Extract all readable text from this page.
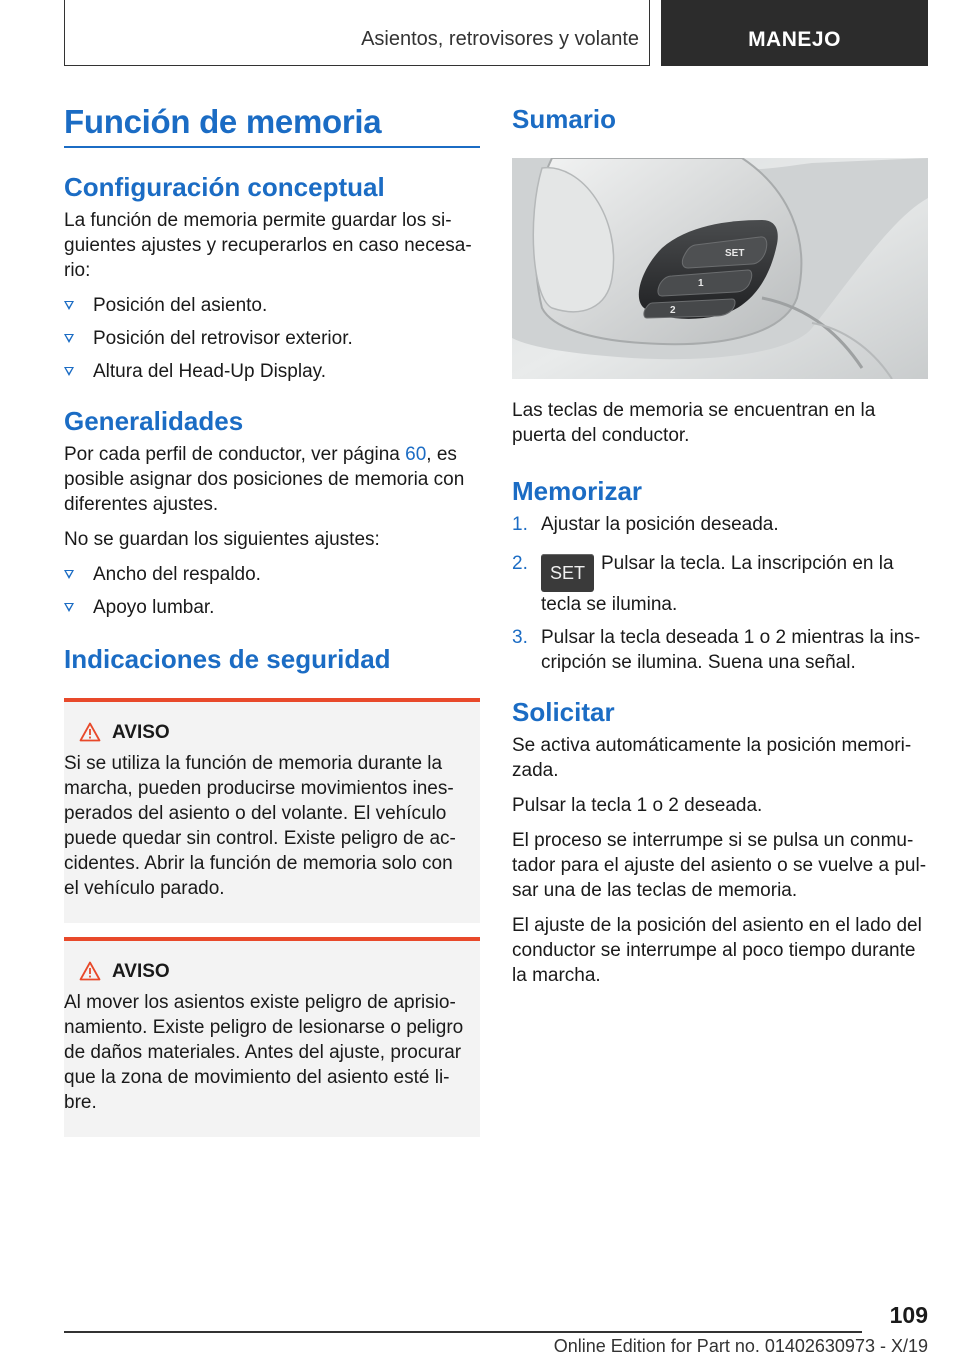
Asientos, retrovisores y volante	MANEJO
Función de memoria
Configuración conceptual

La función de memoria permite guardar los si-guientes ajustes y recuperarlos en caso necesa-rio:

Posición del asiento.
Posición del retrovisor exterior.
Altura del Head-Up Display.
Generalidades

Por cada perfil de conductor, ver página 60, es posible asignar dos posiciones de memoria con diferentes ajustes.

No se guardan los siguientes ajustes:

Ancho del respaldo.
Apoyo lumbar.
Indicaciones de seguridad
AVISO

Si se utiliza la función de memoria durante la marcha, pueden producirse movimientos ines-perados del asiento o del volante. El vehículo puede quedar sin control. Existe peligro de ac-cidentes. Abrir la función de memoria solo con el vehículo parado.

AVISO

Al mover los asientos existe peligro de aprisio-namiento. Existe peligro de lesionarse o peligro de daños materiales. Antes del ajuste, procurar que la zona de movimiento del asiento esté li-bre.

Sumario
SET
1
2

Las teclas de memoria se encuentran en la puerta del conductor.

Memorizar
1. Ajustar la posición deseada.
2. SET Pulsar la tecla. La inscripción en la tecla se ilumina.
3. Pulsar la tecla deseada 1 o 2 mientras la ins-cripción se ilumina. Suena una señal.
Solicitar

Se activa automáticamente la posición memori-zada.

Pulsar la tecla 1 o 2 deseada.

El proceso se interrumpe si se pulsa un conmu-tador para el ajuste del asiento o se vuelve a pul-sar una de las teclas de memoria.

El ajuste de la posición del asiento en el lado del conductor se interrumpe al poco tiempo durante la marcha.

109
Online Edition for Part no. 01402630973 - X/19
